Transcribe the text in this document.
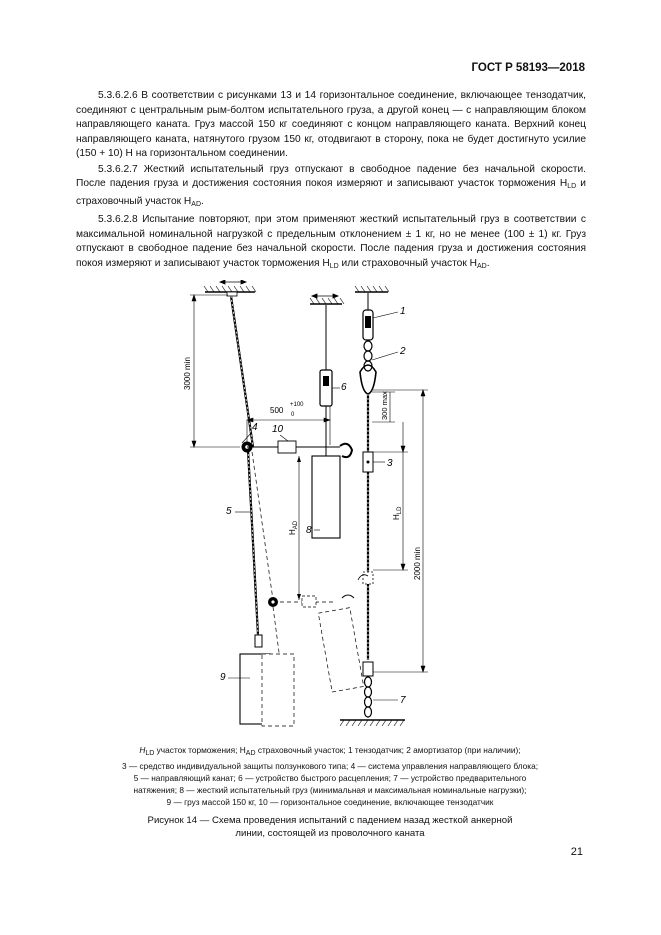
ГОСТ Р 58193—2018

5.3.6.2.6 В соответствии с рисунками 13 и 14 горизонтальное соединение, включающее тензодатчик, соединяют с центральным рым-болтом испытательного груза, а другой конец — с направляющим блоком направляющего каната. Груз массой 150 кг соединяют с концом направляющего каната. Верхний конец направляющего каната, натянутого грузом 150 кг, отодвигают в сторону, пока не будет достигнуто усилие (150 + 10) Н на горизонтальном соединении.

5.3.6.2.7 Жесткий испытательный груз отпускают в свободное падение без начальной скорости. После падения груза и достижения состояния покоя измеряют и записывают участок торможения $H_{LD}$ и страховочный участок $H_{AD}$.

5.3.6.2.8 Испытание повторяют, при этом применяют жесткий испытательный груз в соответствии с максимальной номинальной нагрузкой с предельным отклонением ± 1 кг, но не менее (100 ± 1) кг. Груз отпускают в свободное падение без начальной скорости. После падения груза и достижения состояния покоя измеряют и записывают участок торможения $H_{LD}$ или страховочный участок $H_{AD}$.

3000 min
500
+100
0
$H_{AD}$
300 max
$H_{LD}$
2000 min
1
2
3
4
5
6
7
8
9
10
$H_{LD}$ участок торможения; $H_{AD}$ страховочный участок; 1 тензодатчик; 2 амортизатор (при наличии);
3 — средство индивидуальной защиты ползункового типа; 4 — система управления направляющего блока;
5 — направляющий канат; 6 — устройство быстрого расцепления; 7 — устройство предварительного
натяжения; 8 — жесткий испытательный груз (минимальная и максимальная номинальные нагрузки);
9 — груз массой 150 кг, 10 — горизонтальное соединение, включающее тензодатчик
Рисунок 14 — Схема проведения испытаний с падением назад жесткой анкерной
линии, состоящей из проволочного каната
21
